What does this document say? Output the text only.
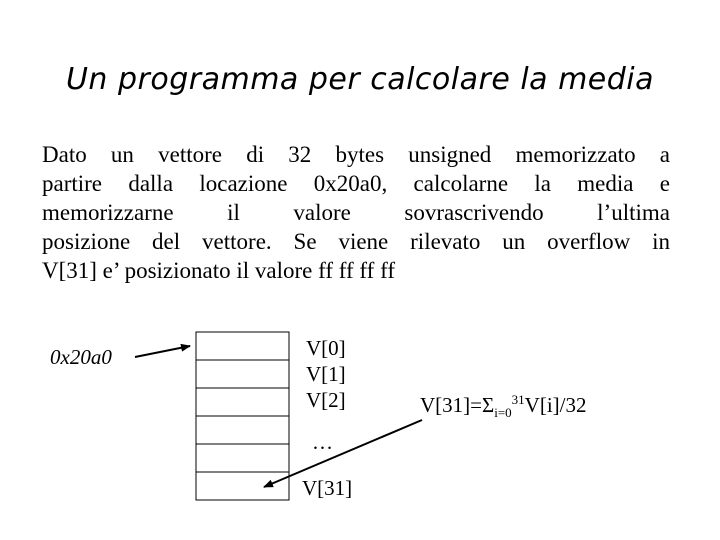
Un programma per calcolare la media
Dato un vettore di 32 bytes unsigned memorizzato a
partire dalla locazione 0x20a0, calcolarne la media e
memorizzarne il valore sovrascrivendo l’ultima
posizione del vettore. Se viene rilevato un overflow in
V[31] e’ posizionato il valore ff ff ff ff
0x20a0	V[0]
V[1]
V[2]
…
V[31]
$V[31]=\Sigma_{i=0}^{31}V[i]/32$
